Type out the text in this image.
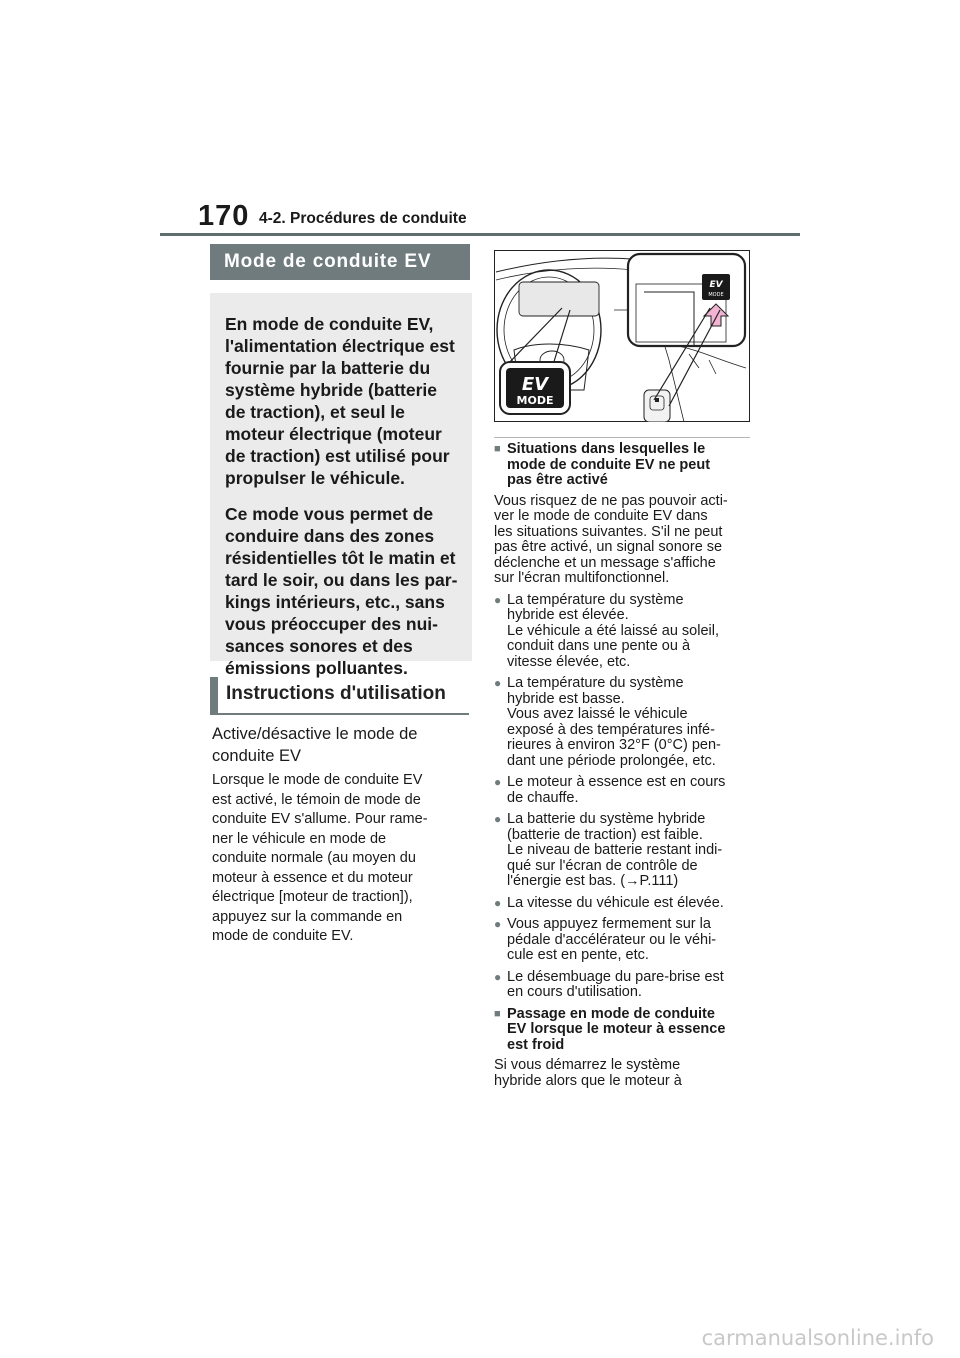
170 4-2. Procédures de conduite
Mode de conduite EV

En mode de conduite EV,
l'alimentation électrique est
fournie par la batterie du
système hybride (batterie
de traction), et seul le
moteur électrique (moteur
de traction) est utilisé pour
propulser le véhicule.

Ce mode vous permet de
conduire dans des zones
résidentielles tôt le matin et
tard le soir, ou dans les par-
kings intérieurs, etc., sans
vous préoccuper des nui-
sances sonores et des
émissions polluantes.

Instructions d'utilisation
Active/désactive le mode de
conduite EV
Lorsque le mode de conduite EV
est activé, le témoin de mode de
conduite EV s'allume. Pour rame-
ner le véhicule en mode de
conduite normale (au moyen du
moteur à essence et du moteur
électrique [moteur de traction]),
appuyez sur la commande en
mode de conduite EV.
EV
MODE
EV
MODE
■ Situations dans lesquelles le
mode de conduite EV ne peut
pas être activé
Vous risquez de ne pas pouvoir acti-
ver le mode de conduite EV dans
les situations suivantes. S'il ne peut
pas être activé, un signal sonore se
déclenche et un message s'affiche
sur l'écran multifonctionnel.
● La température du système
hybride est élevée.
Le véhicule a été laissé au soleil,
conduit dans une pente ou à
vitesse élevée, etc.
● La température du système
hybride est basse.
Vous avez laissé le véhicule
exposé à des températures infé-
rieures à environ 32°F (0°C) pen-
dant une période prolongée, etc.
● Le moteur à essence est en cours
de chauffe.
● La batterie du système hybride
(batterie de traction) est faible.
Le niveau de batterie restant indi-
qué sur l'écran de contrôle de
l'énergie est bas. (→P.111)
● La vitesse du véhicule est élevée.
● Vous appuyez fermement sur la
pédale d'accélérateur ou le véhi-
cule est en pente, etc.
● Le désembuage du pare-brise est
en cours d'utilisation.
■ Passage en mode de conduite
EV lorsque le moteur à essence
est froid
Si vous démarrez le système
hybride alors que le moteur à
carmanualsonline.info
